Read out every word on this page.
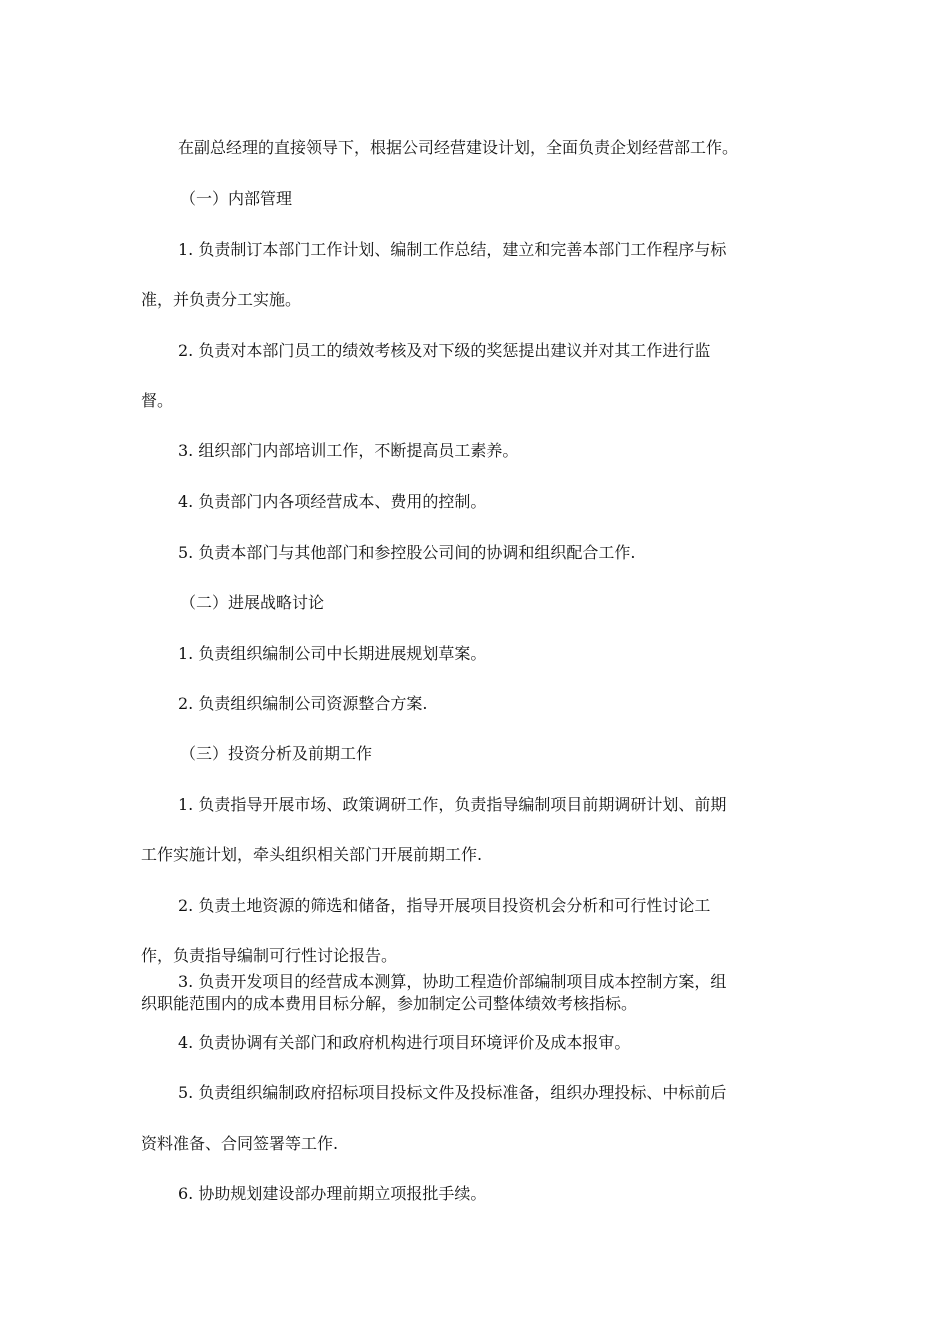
在副总经理的直接领导下，根据公司经营建设计划，全面负责企划经营部工作。
（一）内部管理
1. 负责制订本部门工作计划、编制工作总结，建立和完善本部门工作程序与标
准，并负责分工实施。
2. 负责对本部门员工的绩效考核及对下级的奖惩提出建议并对其工作进行监
督。
3. 组织部门内部培训工作，不断提高员工素养。
4. 负责部门内各项经营成本、费用的控制。
5. 负责本部门与其他部门和参控股公司间的协调和组织配合工作.
（二）进展战略讨论
1. 负责组织编制公司中长期进展规划草案。
2. 负责组织编制公司资源整合方案.
（三）投资分析及前期工作
1. 负责指导开展市场、政策调研工作，负责指导编制项目前期调研计划、前期
工作实施计划，牵头组织相关部门开展前期工作.
2. 负责土地资源的筛选和储备，指导开展项目投资机会分析和可行性讨论工
作，负责指导编制可行性讨论报告。
3. 负责开发项目的经营成本测算，协助工程造价部编制项目成本控制方案，组
织职能范围内的成本费用目标分解，参加制定公司整体绩效考核指标。
4. 负责协调有关部门和政府机构进行项目环境评价及成本报审。
5. 负责组织编制政府招标项目投标文件及投标准备，组织办理投标、中标前后
资料准备、合同签署等工作.
6. 协助规划建设部办理前期立项报批手续。
